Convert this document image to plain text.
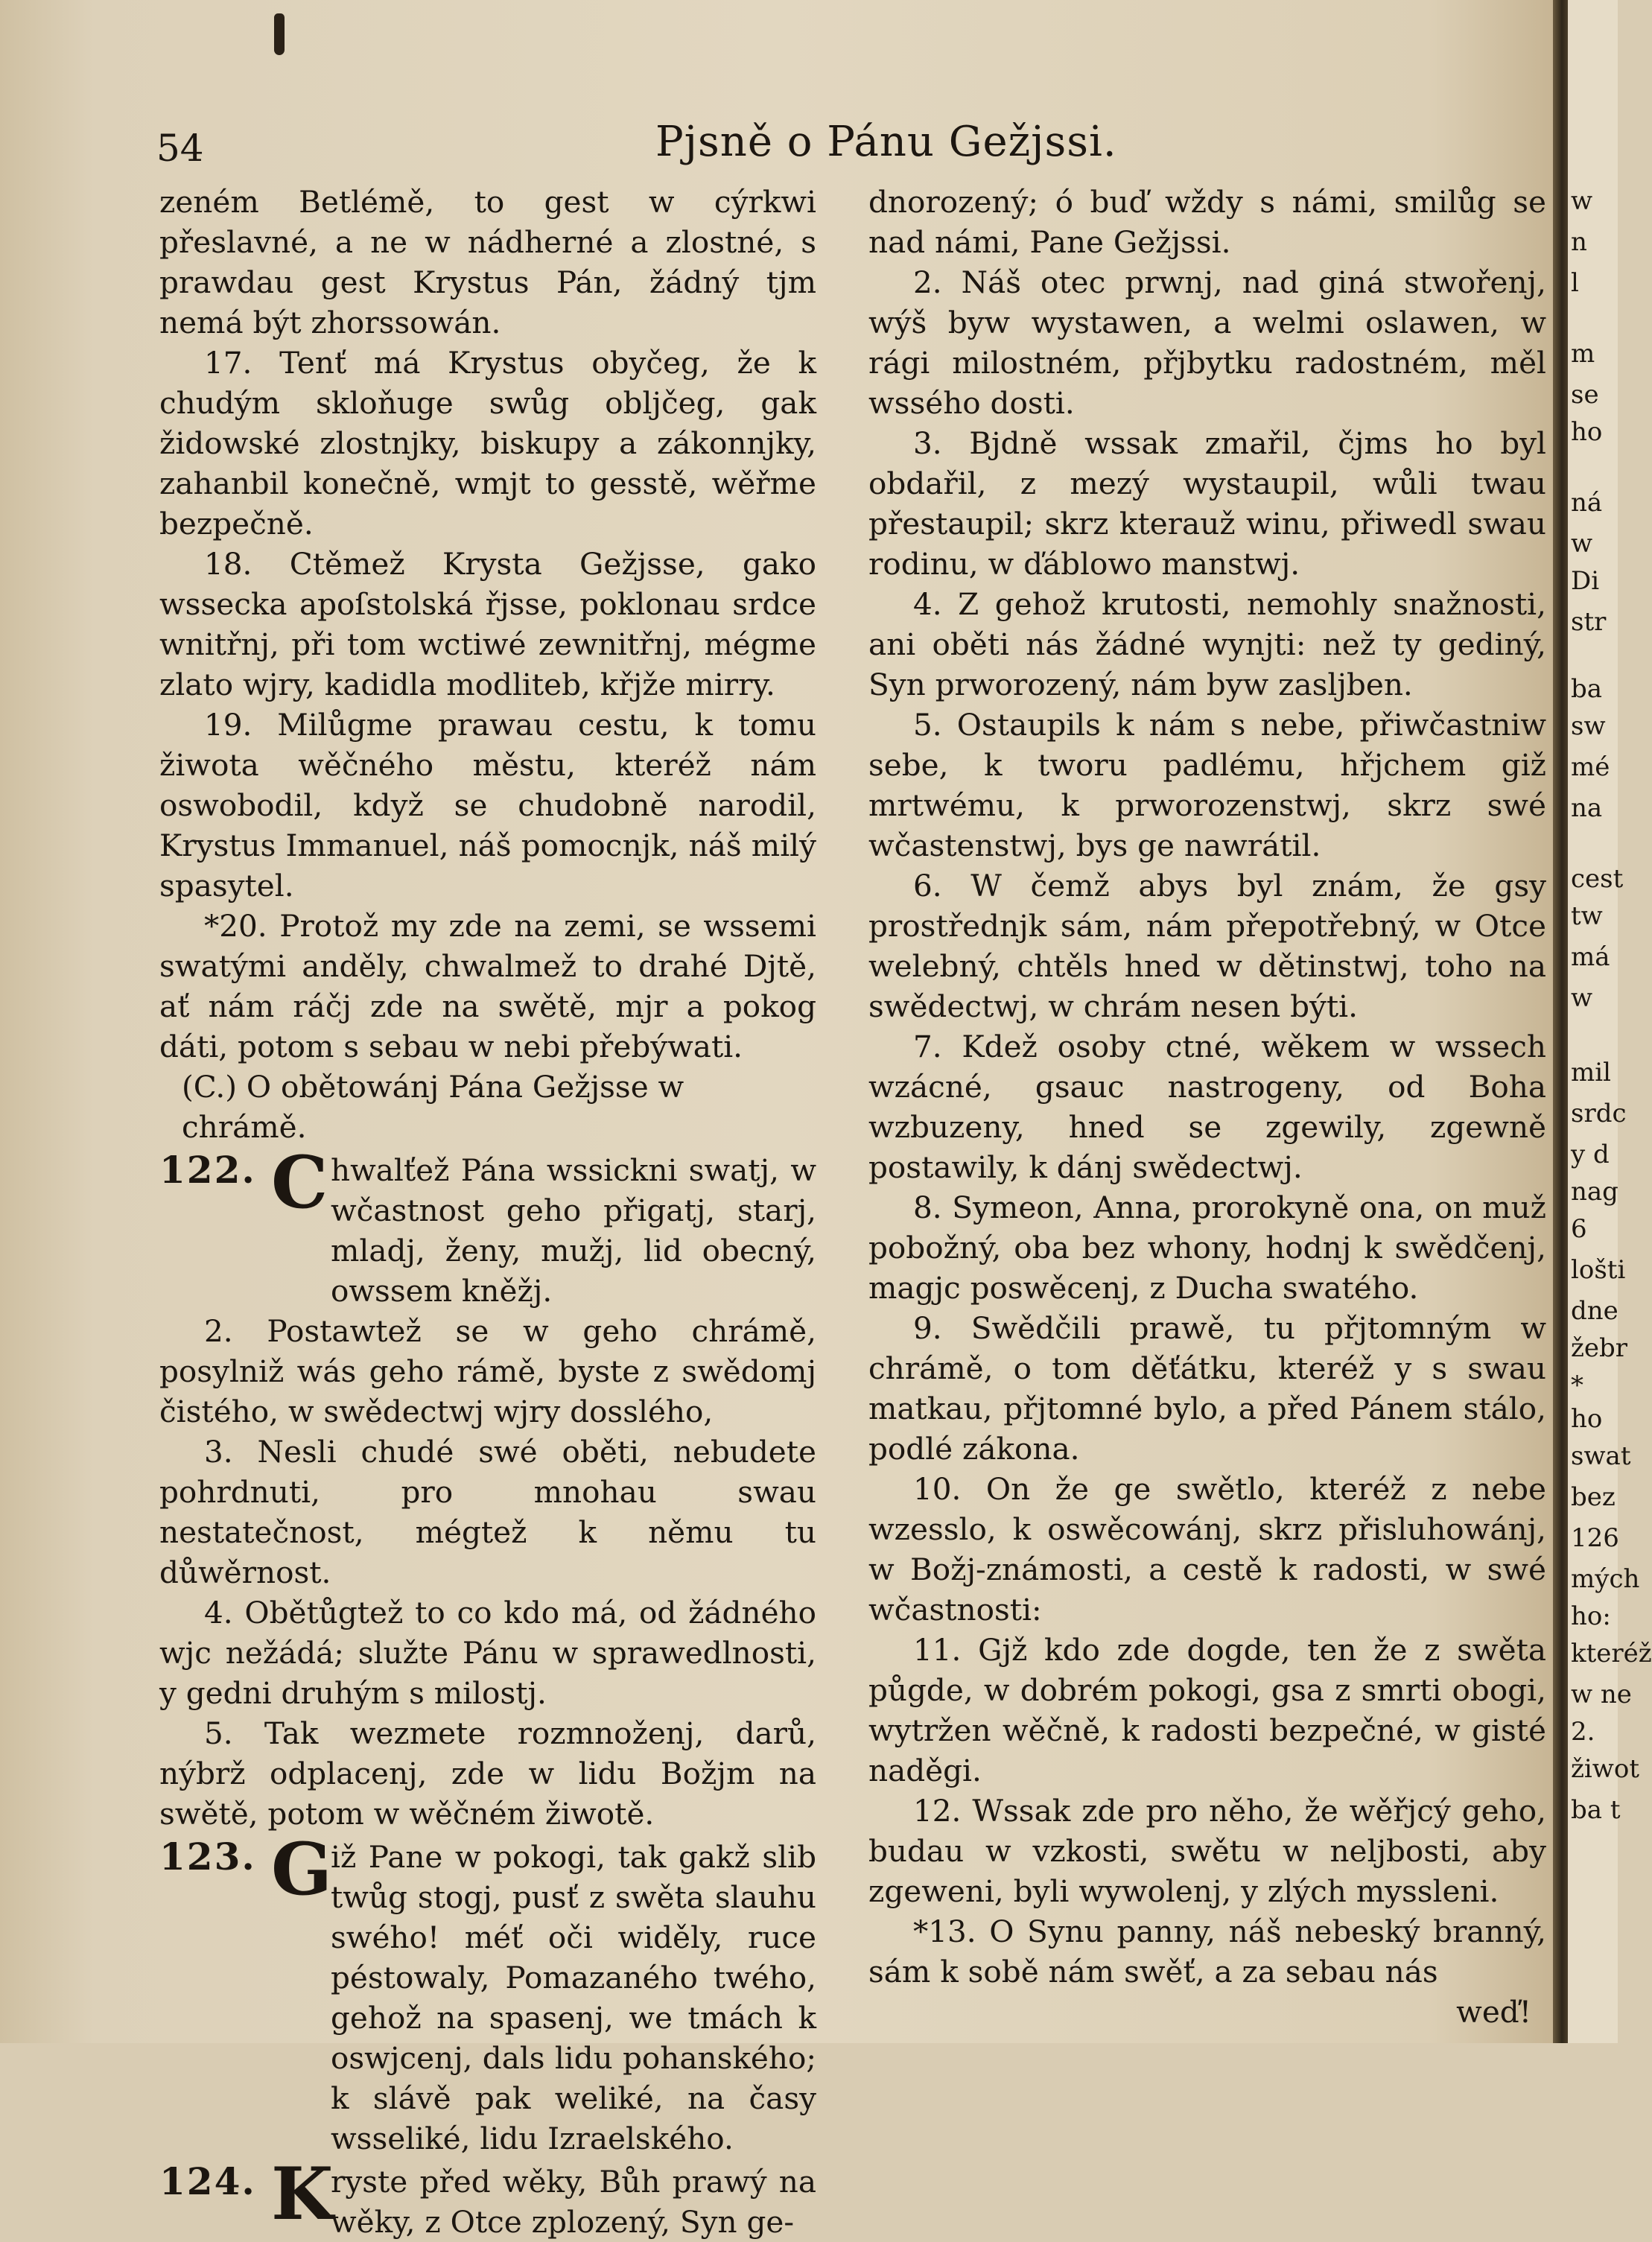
54	Pjsně o Pánu Gežjssi.

zeném Betlémě, to gest w cýrkwi přeslavné, a ne w nádherné a zlostné, s prawdau gest Krystus Pán, žádný tjm nemá být zhorssowán.

17. Tenť má Krystus obyčeg, že k chudým skloňuge swůg obljčeg, gak židowské zlostnjky, biskupy a zákonnjky, zahanbil konečně, wmjt to gesstě, wěřme bezpečně.

18. Ctěmež Krysta Gežjsse, gako wssecka apoſstolská řjsse, poklonau srdce wnitřnj, při tom wctiwé zewnitřnj, mégme zlato wjry, kadidla modliteb, křjže mirry.

19. Milůgme prawau cestu, k tomu žiwota wěčného městu, kteréž nám oswobodil, když se chudobně narodil, Krystus Immanuel, náš pomocnjk, náš milý spasytel.

*20. Protož my zde na zemi, se wssemi swatými anděly, chwalmež to drahé Djtě, ať nám ráčj zde na swětě, mjr a pokog dáti, potom s sebau w nebi přebýwati.

(C.) O obětowánj Pána Gežjsse w chrámě.

122. C hwalťež Pána wssickni swatj, w wčastnost geho přigatj, starj, mladj, ženy, mužj, lid obecný, owssem kněžj.

2. Postawtež se w geho chrámě, posylniž wás geho rámě, byste z swědomj čistého, w swědectwj wjry dosslého,

3. Nesli chudé swé oběti, nebudete pohrdnuti, pro mnohau swau nestatečnost, mégtež k němu tu důwěrnost.

4. Obětůgtež to co kdo má, od žádného wjc nežádá; služte Pánu w sprawedlnosti, y gedni druhým s milostj.

5. Tak wezmete rozmnoženj, darů, nýbrž odplacenj, zde w lidu Božjm na swětě, potom w wěčném žiwotě.

123. G

iž Pane w pokogi, tak gakž slib twůg stogj, pusť z swěta slauhu swého! méť oči widěly, ruce péstowaly, Pomazaného twého, gehož na spasenj, we tmách k oswjcenj, dals lidu pohanského; k slávě pak weliké, na časy wsseliké, lidu Izraelského.

124. K

ryste před wěky, Bůh prawý na wěky, z Otce zplozený, Syn ge-

dnorozený; ó buď wždy s námi, smilůg se nad námi, Pane Gežjssi.

2. Náš otec prwnj, nad giná stwořenj, wýš byw wystawen, a welmi oslawen, w rági milostném, přjbytku radostném, měl wssého dosti.

3. Bjdně wssak zmařil, čjms ho byl obdařil, z mezý wystaupil, wůli twau přestaupil; skrz kterauž winu, přiwedl swau rodinu, w ďáblowo manstwj.

4. Z gehož krutosti, nemohly snažnosti, ani oběti nás žádné wynjti: než ty gediný, Syn prworozený, nám byw zasljben.

5. Ostaupils k nám s nebe, přiwčastniw sebe, k tworu padlému, hřjchem giž mrtwému, k prworozenstwj, skrz swé wčastenstwj, bys ge nawrátil.

6. W čemž abys byl znám, že gsy prostřednjk sám, nám přepotřebný, w Otce welebný, chtěls hned w dětinstwj, toho na swědectwj, w chrám nesen býti.

7. Kdež osoby ctné, wěkem w wssech wzácné, gsauc nastrogeny, od Boha wzbuzeny, hned se zgewily, zgewně postawily, k dánj swědectwj.

8. Symeon, Anna, prorokyně ona, on muž pobožný, oba bez whony, hodnj k swědčenj, magjc poswěcenj, z Ducha swatého.

9. Swědčili prawě, tu přjtomným w chrámě, o tom děťátku, kteréž y s swau matkau, přjtomné bylo, a před Pánem stálo, podlé zákona.

10. On že ge swětlo, kteréž z nebe wzesslo, k oswěcowánj, skrz přisluhowánj, w Božj-známosti, a cestě k radosti, w swé wčastnosti:

11. Gjž kdo zde dogde, ten že z swěta půgde, w dobrém pokogi, gsa z smrti obogi, wytržen wěčně, k radosti bezpečné, w gisté naděgi.

12. Wssak zde pro něho, že wěřjcý geho, budau w vzkosti, swětu w neljbosti, aby zgeweni, byli wywolenj, y zlých myssleni.

*13. O Synu panny, náš nebeský branný, sám k sobě nám swěť, a za sebau nás

weď!

w
n
l
m
se
ho
ná
w
Di
str
ba
sw
mé
na
cest
tw
má
w
mil
srdc
y d
nag
6
lošti
dne
žebr
*
ho
swat
bez
126
mých
ho:
kteréž
w ne
2.
žiwot
ba t
